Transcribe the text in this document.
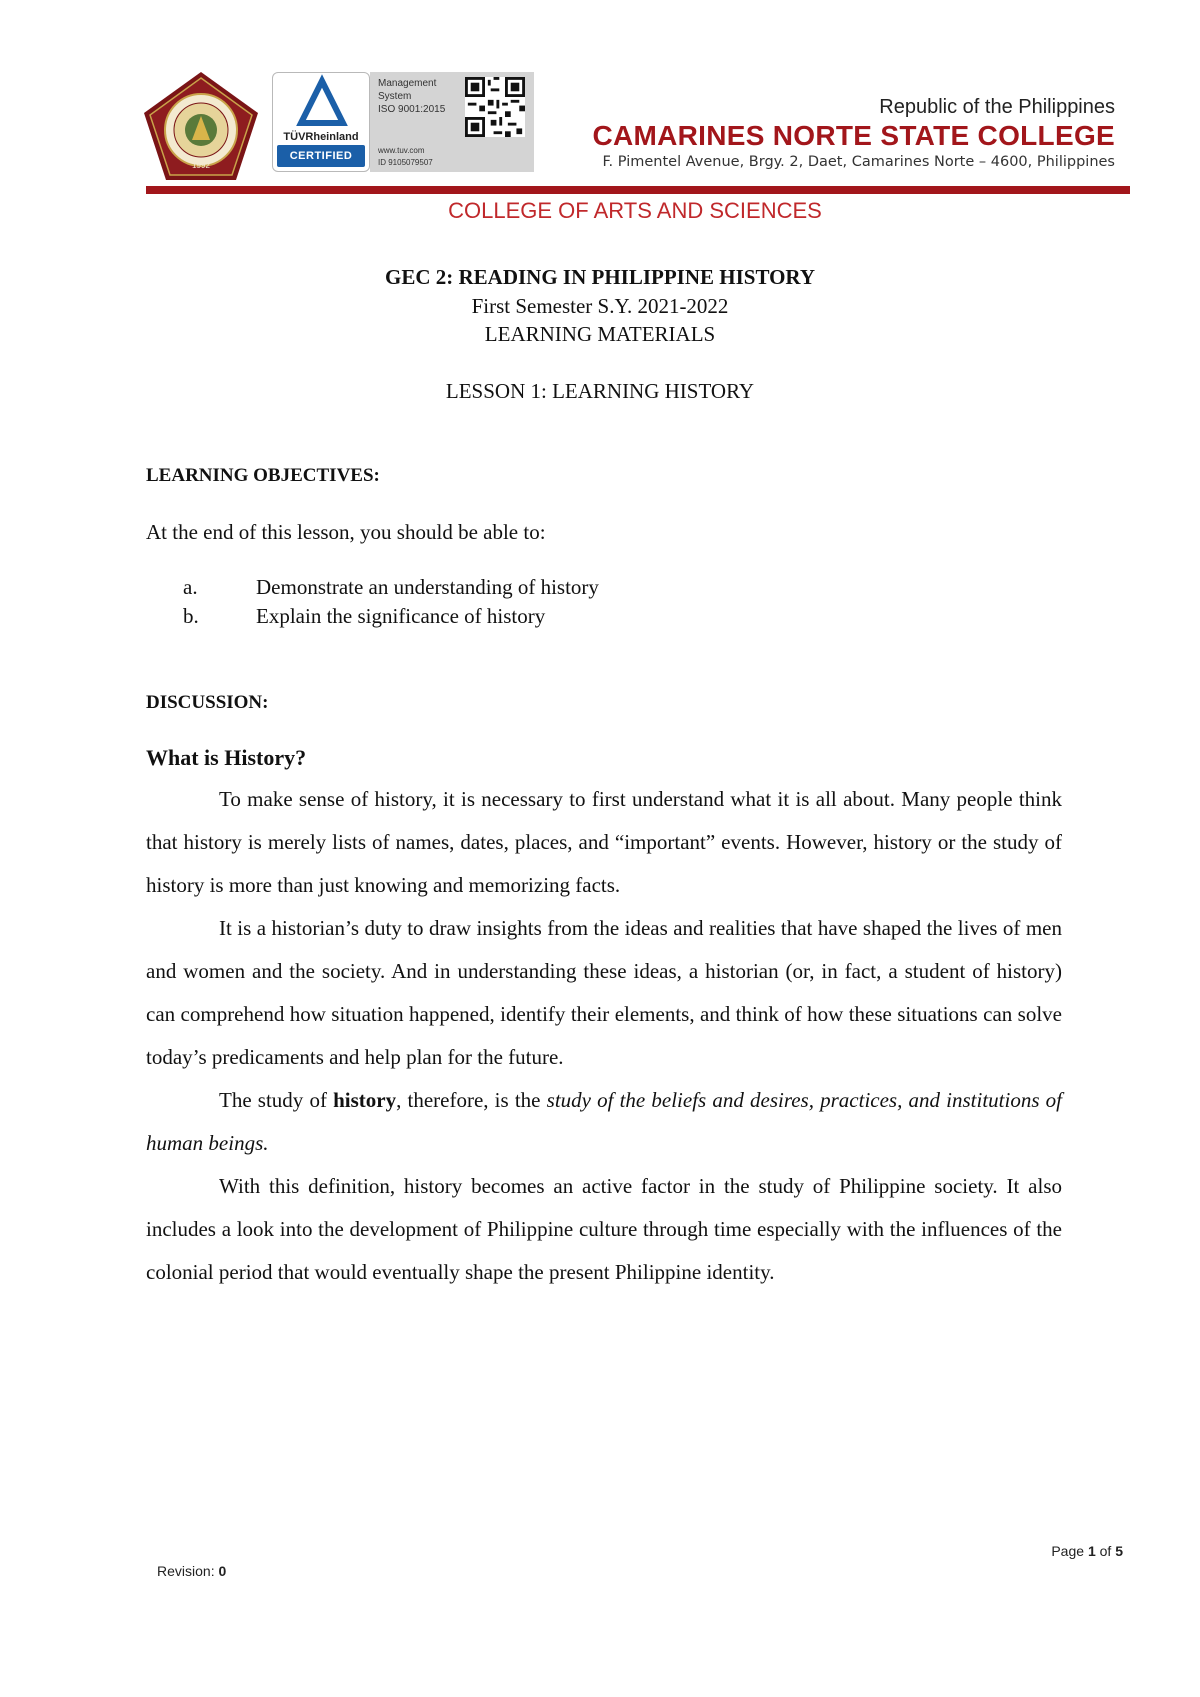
1992
TÜVRheinland
CERTIFIED
Management
System
ISO 9001:2015
www.tuv.com
ID 9105079507
Republic of the Philippines
CAMARINES NORTE STATE COLLEGE
F. Pimentel Avenue, Brgy. 2, Daet, Camarines Norte – 4600, Philippines
COLLEGE OF ARTS AND SCIENCES
GEC 2: READING IN PHILIPPINE HISTORY
First Semester S.Y. 2021-2022
LEARNING MATERIALS
LESSON 1: LEARNING HISTORY
LEARNING OBJECTIVES:
At the end of this lesson, you should be able to:
a.	Demonstrate an understanding of history
b.	Explain the significance of history
DISCUSSION:
What is History?

To make sense of history, it is necessary to first understand what it is all about. Many people think that history is merely lists of names, dates, places, and “important” events. However, history or the study of history is more than just knowing and memorizing facts.

It is a historian’s duty to draw insights from the ideas and realities that have shaped the lives of men and women and the society. And in understanding these ideas, a historian (or, in fact, a student of history) can comprehend how situation happened, identify their elements, and think of how these situations can solve today’s predicaments and help plan for the future.

The study of history, therefore, is the study of the beliefs and desires, practices, and institutions of human beings.

With this definition, history becomes an active factor in the study of Philippine society. It also includes a look into the development of Philippine culture through time especially with the influences of the colonial period that would eventually shape the present Philippine identity.

Page 1 of 5
Revision: 0
